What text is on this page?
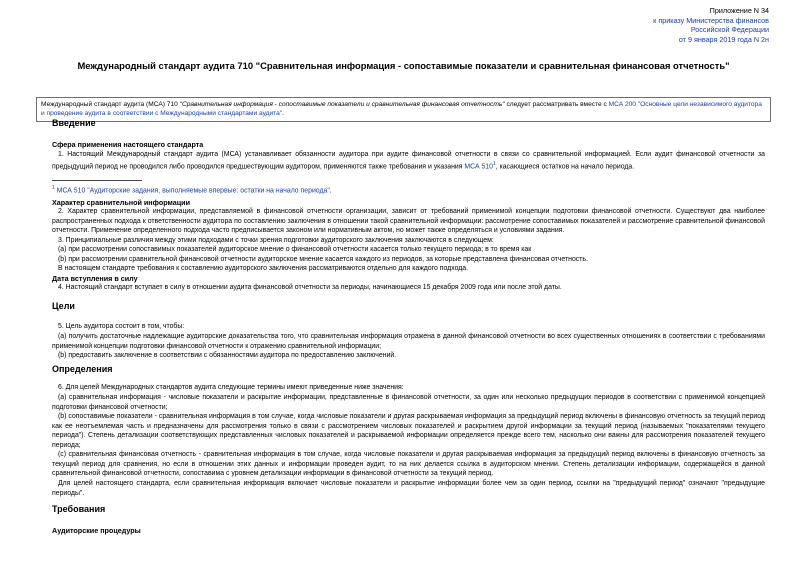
Приложение N 34
к приказу Министерства финансов
Российской Федерации
от 9 января 2019 года N 2н
Международный стандарт аудита 710 "Сравнительная информация - сопоставимые показатели и сравнительная финансовая отчетность"
Международный стандарт аудита (МСА) 710 "Сравнительная информация - сопоставимые показатели и сравнительная финансовая отчетность" следует рассматривать вместе с МСА 200 "Основные цели независимого аудитора и проведение аудита в соответствии с Международными стандартами аудита".
Введение
Сфера применения настоящего стандарта
1. Настоящий Международный стандарт аудита (МСА) устанавливает обязанности аудитора при аудите финансовой отчетности в связи со сравнительной информацией. Если аудит финансовой отчетности за предыдущий период не проводился либо проводился предшествующим аудитором, применяются также требования и указания МСА $510^1$, касающиеся остатков на начало периода.
$^1$ МСА 510 "Аудиторские задания, выполняемые впервые: остатки на начало периода".
Характер сравнительной информации
2. Характер сравнительной информации, представляемой в финансовой отчетности организации, зависит от требований применимой концепции подготовки финансовой отчетности. Существуют два наиболее распространенных подхода к ответственности аудитора по составлению заключения в отношении такой сравнительной информации: рассмотрение сопоставимых показателей и рассмотрение сравнительной финансовой отчетности. Применение определенного подхода часто предписывается законом или нормативным актом, но может также определяться и условиями задания.
3. Принципиальные различия между этими подходами с точки зрения подготовки аудиторского заключения заключаются в следующем:
(a) при рассмотрении сопоставимых показателей аудиторское мнение о финансовой отчетности касается только текущего периода; в то время как
(b) при рассмотрении сравнительной финансовой отчетности аудиторское мнение касается каждого из периодов, за которые представлена финансовая отчетность.
В настоящем стандарте требования к составлению аудиторского заключения рассматриваются отдельно для каждого подхода.
Дата вступления в силу
4. Настоящий стандарт вступает в силу в отношении аудита финансовой отчетности за периоды, начинающиеся 15 декабря 2009 года или после этой даты.
Цели
5. Цель аудитора состоит в том, чтобы:
(a) получить достаточные надлежащие аудиторские доказательства того, что сравнительная информация отражена в данной финансовой отчетности во всех существенных отношениях в соответствии с требованиями применимой концепции подготовки финансовой отчетности к отражению сравнительной информации;
(b) предоставить заключение в соответствии с обязанностями аудитора по предоставлению заключений.
Определения
6. Для целей Международных стандартов аудита следующие термины имеют приведенные ниже значения:
(a) сравнительная информация - числовые показатели и раскрытие информации, представленные в финансовой отчетности, за один или несколько предыдущих периодов в соответствии с применимой концепцией подготовки финансовой отчетности;
(b) сопоставимые показатели - сравнительная информация в том случае, когда числовые показатели и другая раскрываемая информация за предыдущий период включены в финансовую отчетность за текущий период как ее неотъемлемая часть и предназначены для рассмотрения только в связи с рассмотрением числовых показателей и раскрытием другой информации за текущий период (называемых "показателями текущего периода"). Степень детализации соответствующих представленных числовых показателей и раскрываемой информации определяется прежде всего тем, насколько они важны для рассмотрения показателей текущего периода;
(c) сравнительная финансовая отчетность - сравнительная информация в том случае, когда числовые показатели и другая раскрываемая информация за предыдущий период включены в финансовую отчетность за текущий период для сравнения, но если в отношении этих данных и информации проведен аудит, то на них делается ссылка в аудиторском мнении. Степень детализации информации, содержащейся в данной сравнительной финансовой отчетности, сопоставима с уровнем детализации информации в финансовой отчетности за текущий период.
Для целей настоящего стандарта, если сравнительная информация включает числовые показатели и раскрытие информации более чем за один период, ссылки на "предыдущий период" означают "предыдущие периоды".
Требования
Аудиторские процедуры
